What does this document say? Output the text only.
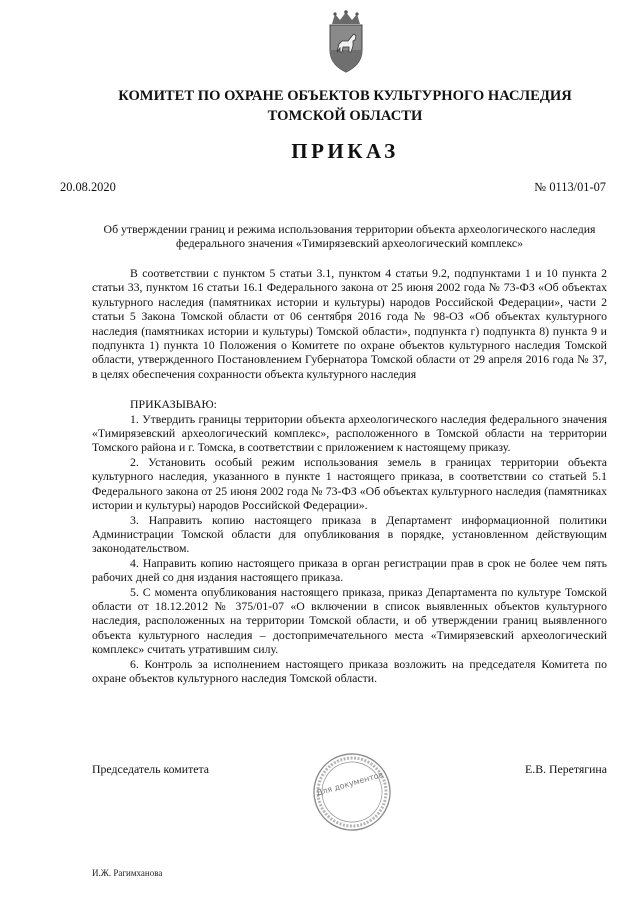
КОМИТЕТ ПО ОХРАНЕ ОБЪЕКТОВ КУЛЬТУРНОГО НАСЛЕДИЯ
ТОМСКОЙ ОБЛАСТИ
ПРИКАЗ
20.08.2020	№ 0113/01-07
Об утверждении границ и режима использования территории объекта археологического наследия федерального значения «Тимирязевский археологический комплекс»

В соответствии с пунктом 5 статьи 3.1, пунктом 4 статьи 9.2, подпунктами 1 и 10 пункта 2 статьи 33, пунктом 16 статьи 16.1 Федерального закона от 25 июня 2002 года № 73-ФЗ «Об объектах культурного наследия (памятниках истории и культуры) народов Российской Федерации», части 2 статьи 5 Закона Томской области от 06 сентября 2016 года № 98-ОЗ «Об объектах культурного наследия (памятниках истории и культуры) Томской области», подпункта г) подпункта 8) пункта 9 и подпункта 1) пункта 10 Положения о Комитете по охране объектов культурного наследия Томской области, утвержденного Постановлением Губернатора Томской области от 29 апреля 2016 года № 37, в целях обеспечения сохранности объекта культурного наследия

ПРИКАЗЫВАЮ:

1. Утвердить границы территории объекта археологического наследия федерального значения «Тимирязевский археологический комплекс», расположенного в Томской области на территории Томского района и г. Томска, в соответствии с приложением к настоящему приказу.

2. Установить особый режим использования земель в границах территории объекта культурного наследия, указанного в пункте 1 настоящего приказа, в соответствии со статьей 5.1 Федерального закона от 25 июня 2002 года № 73-ФЗ «Об объектах культурного наследия (памятниках истории и культуры) народов Российской Федерации».

3. Направить копию настоящего приказа в Департамент информационной политики Администрации Томской области для опубликования в порядке, установленном действующим законодательством.

4. Направить копию настоящего приказа в орган регистрации прав в срок не более чем пять рабочих дней со дня издания настоящего приказа.

5. С момента опубликования настоящего приказа, приказ Департамента по культуре Томской области от 18.12.2012 № 375/01-07 «О включении в список выявленных объектов культурного наследия, расположенных на территории Томской области, и об утверждении границ выявленного объекта культурного наследия – достопримечательного места «Тимирязевский археологический комплекс» считать утратившим силу.

6. Контроль за исполнением настоящего приказа возложить на председателя Комитета по охране объектов культурного наследия Томской области.

Председатель комитета	Е.В. Перетягина
Для документов
И.Ж. Рагимханова
